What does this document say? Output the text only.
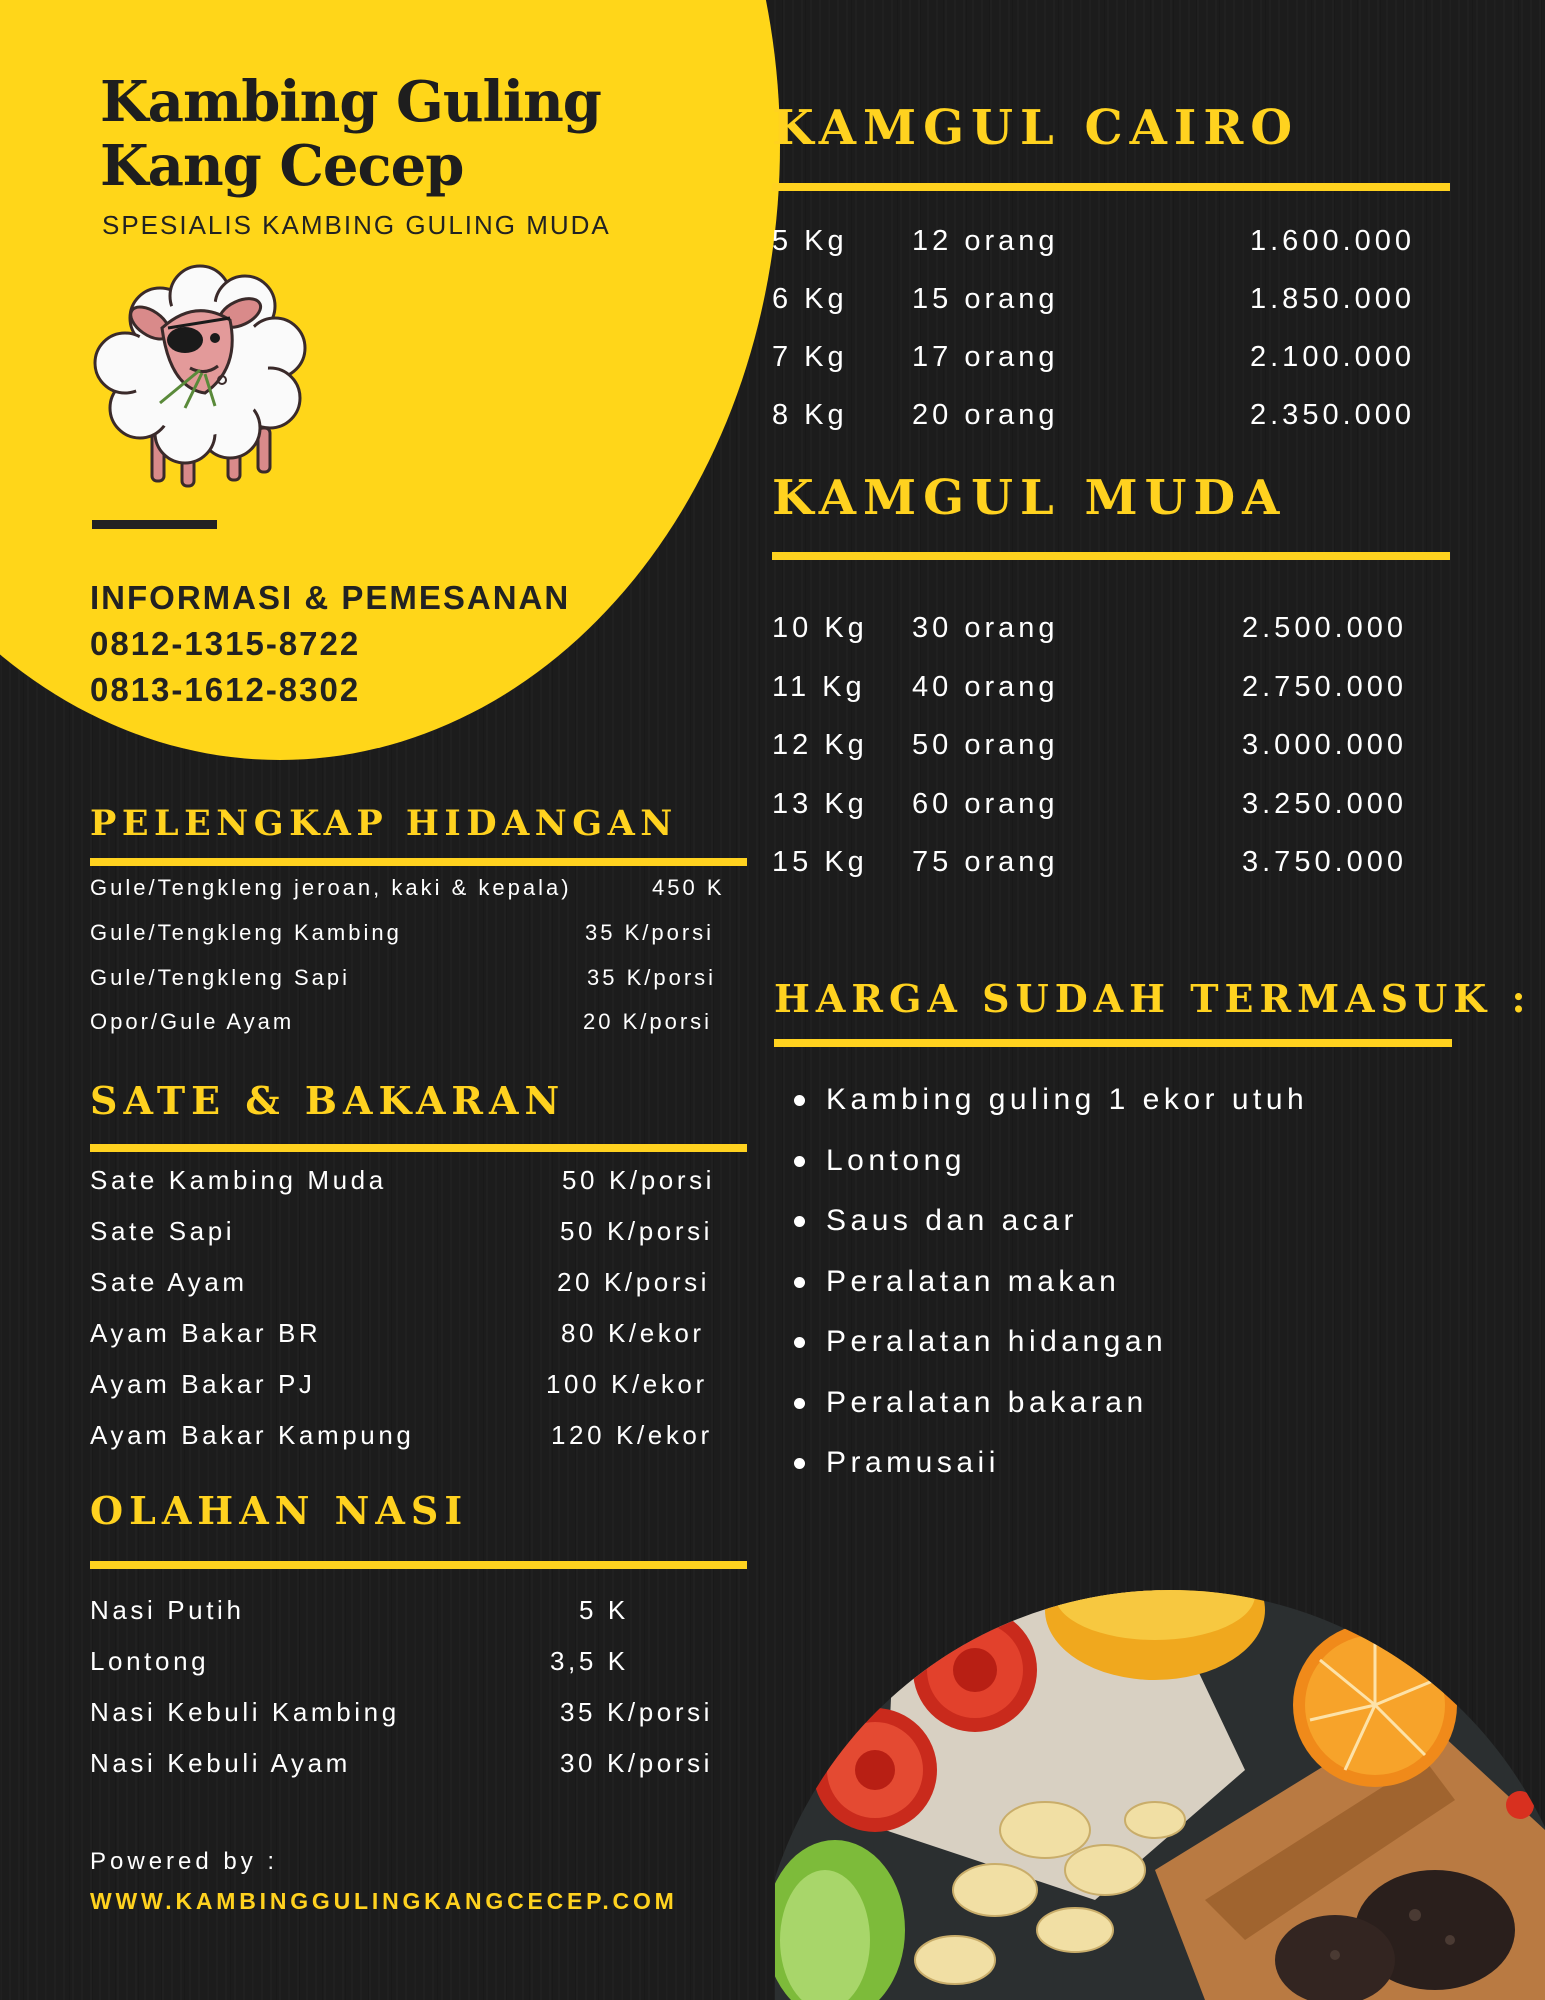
Kambing Guling
Kang Cecep
SPESIALIS KAMBING GULING MUDA
INFORMASI & PEMESANAN
0812-1315-8722
0813-1612-8302
PELENGKAP HIDANGAN
Gule/Tengkleng jeroan, kaki & kepala)	450 K
Gule/Tengkleng Kambing	35 K/porsi
Gule/Tengkleng Sapi	35 K/porsi
Opor/Gule Ayam	20 K/porsi
SATE & BAKARAN
Sate Kambing Muda	50 K/porsi
Sate Sapi	50 K/porsi
Sate Ayam	20 K/porsi
Ayam Bakar BR	80 K/ekor
Ayam Bakar PJ	100 K/ekor
Ayam Bakar Kampung	120 K/ekor
OLAHAN NASI
Nasi Putih	5 K
Lontong	3,5 K
Nasi Kebuli Kambing	35 K/porsi
Nasi Kebuli Ayam	30 K/porsi
Powered by :
WWW.KAMBINGGULINGKANGCECEP.COM
KAMGUL CAIRO
5 Kg 12 orang	1.600.000
6 Kg 15 orang	1.850.000
7 Kg 17 orang	2.100.000
8 Kg 20 orang	2.350.000
KAMGUL MUDA
10 Kg 30 orang	2.500.000
11 Kg 40 orang	2.750.000
12 Kg 50 orang	3.000.000
13 Kg 60 orang	3.250.000
15 Kg 75 orang	3.750.000
HARGA SUDAH TERMASUK :
Kambing guling 1 ekor utuh
Lontong
Saus dan acar
Peralatan makan
Peralatan hidangan
Peralatan bakaran
Pramusaii
